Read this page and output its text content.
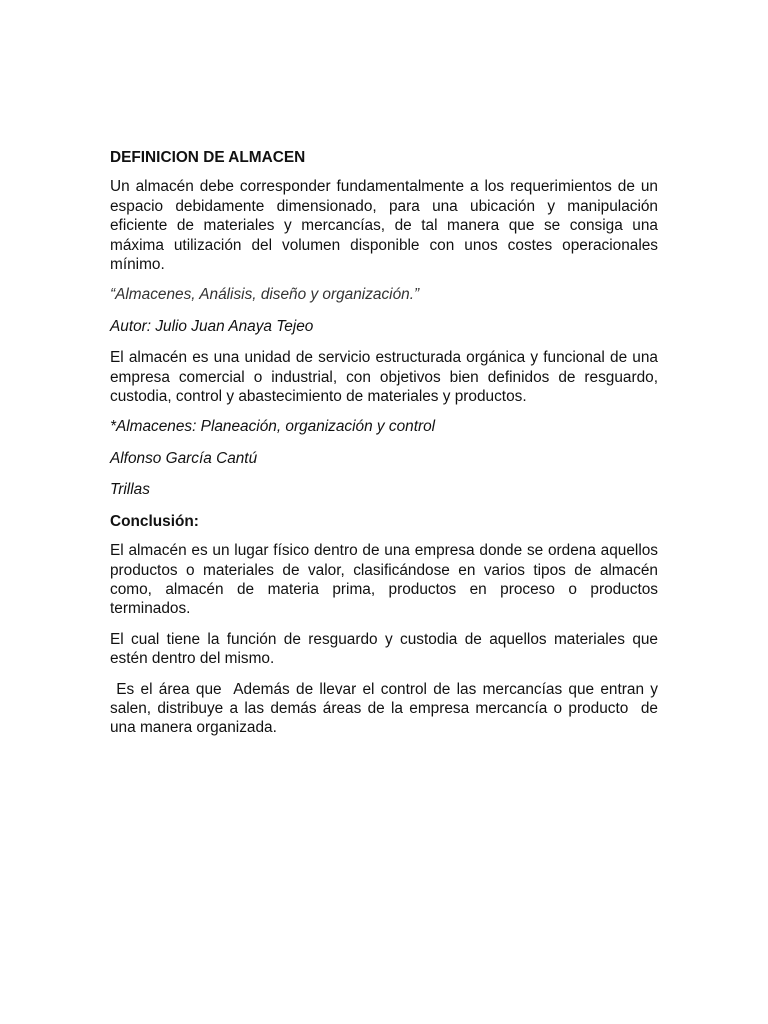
DEFINICION DE ALMACEN

Un almacén debe corresponder fundamentalmente a los requerimientos de un espacio debidamente dimensionado, para una ubicación y manipulación eficiente de materiales y mercancías, de tal manera que se consiga una máxima utilización del volumen disponible con unos costes operacionales mínimo.

“Almacenes, Análisis, diseño y organización.”
Autor: Julio Juan Anaya Tejeo

El almacén es una unidad de servicio estructurada orgánica y funcional de una empresa comercial o industrial, con objetivos bien definidos de resguardo, custodia, control y abastecimiento de materiales y productos.

*Almacenes: Planeación, organización y control
Alfonso García Cantú
Trillas
Conclusión:

El almacén es un lugar físico dentro de una empresa donde se ordena aquellos productos o materiales de valor, clasificándose en varios tipos de almacén como, almacén de materia prima, productos en proceso o productos terminados.

El cual tiene la función de resguardo y custodia de aquellos materiales que estén dentro del mismo.

Es el área que  Además de llevar el control de las mercancías que entran y salen, distribuye a las demás áreas de la empresa mercancía o producto  de una manera organizada.
